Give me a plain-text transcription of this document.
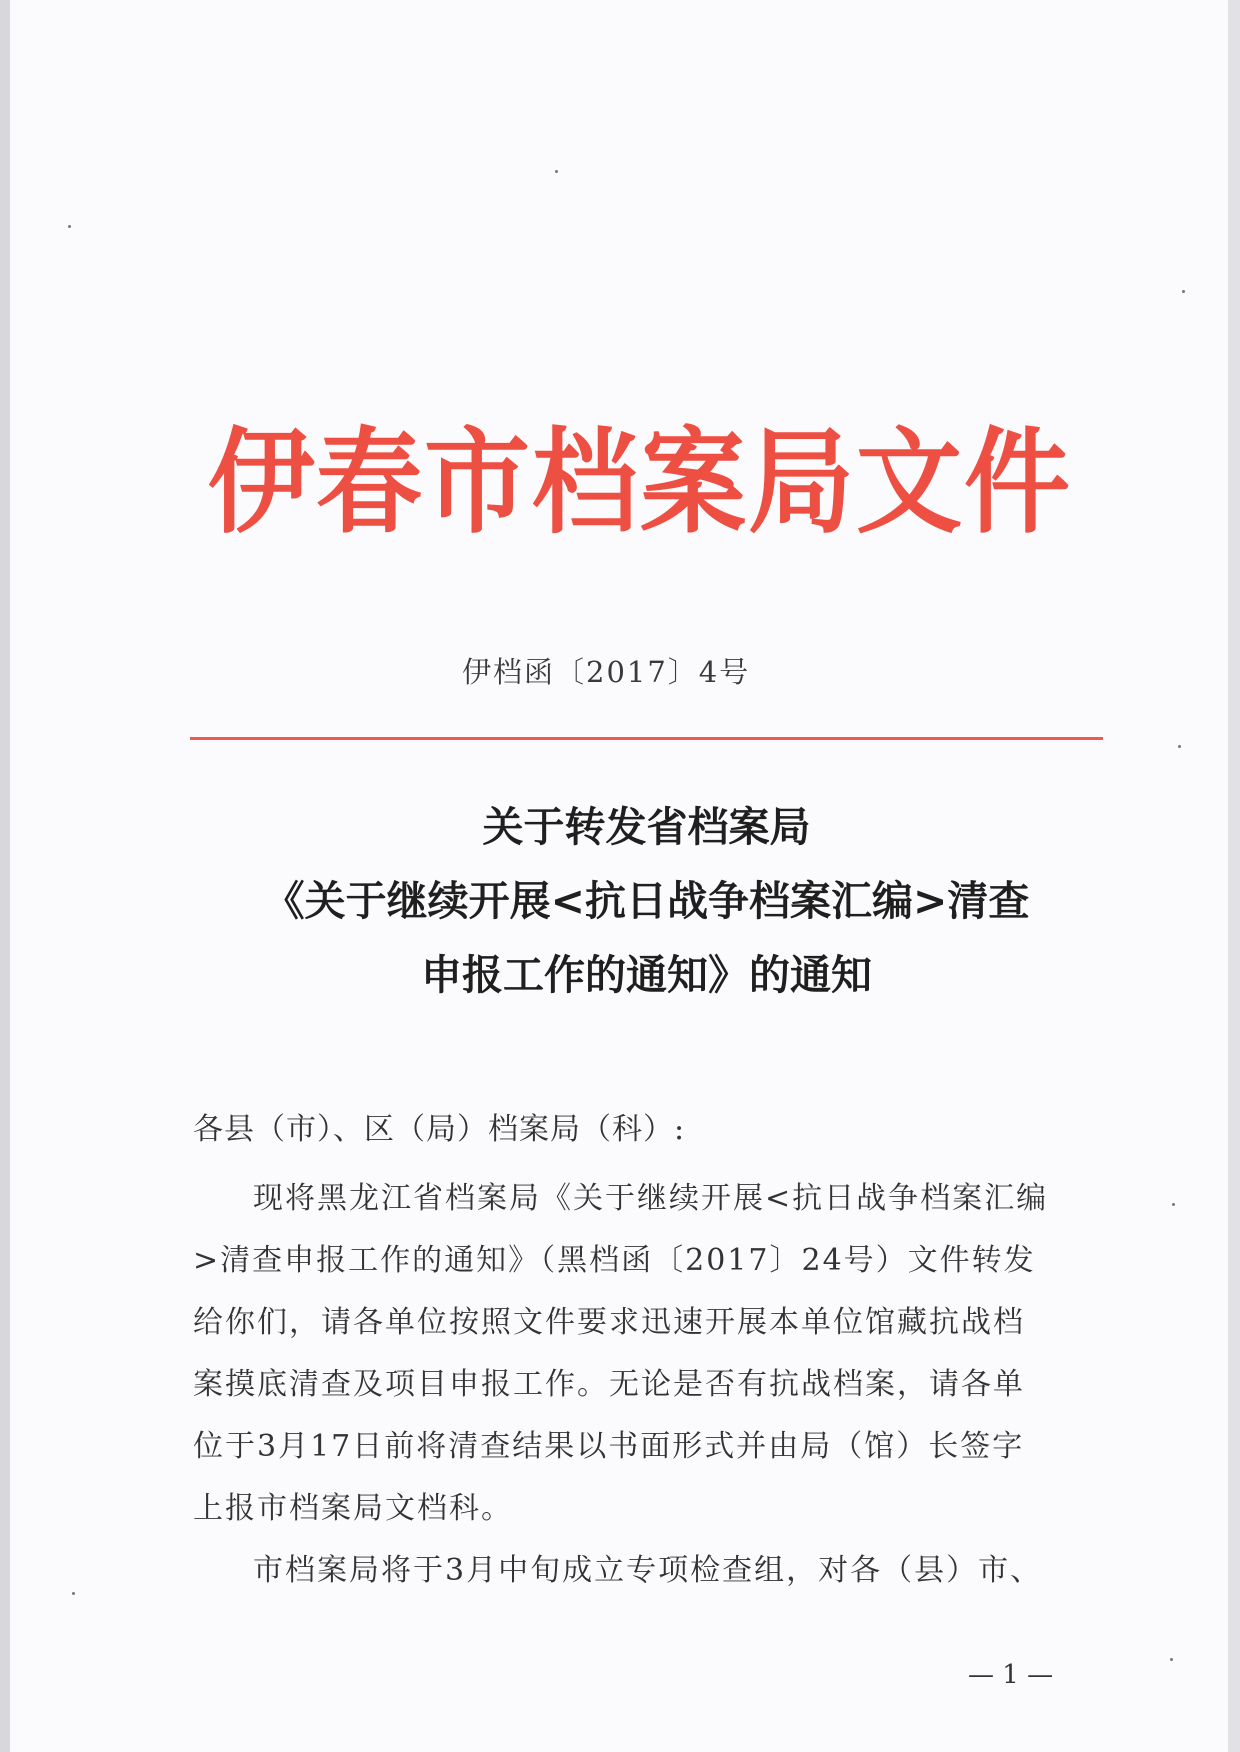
伊春市档案局文件
伊档函〔2017〕4号
关于转发省档案局
《关于继续开展<抗日战争档案汇编>清查
申报工作的通知》的通知
各县（市）、区（局）档案局（科）:

现将黑龙江省档案局《关于继续开展<抗日战争档案汇编>清查申报工作的通知》（黑档函〔2017〕24号）文件转发给你们，请各单位按照文件要求迅速开展本单位馆藏抗战档案摸底清查及项目申报工作。无论是否有抗战档案，请各单位于3月17日前将清查结果以书面形式并由局（馆）长签字上报市档案局文档科。

市档案局将于3月中旬成立专项检查组，对各（县）市、

— 1 —
